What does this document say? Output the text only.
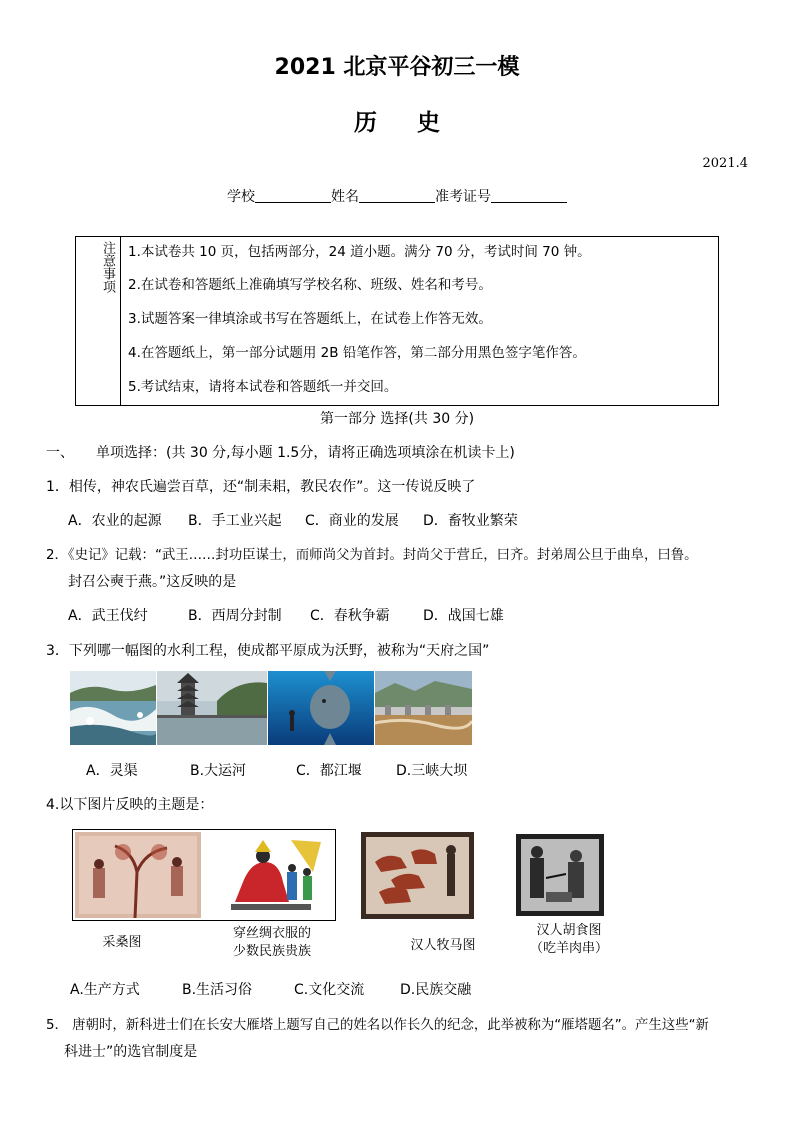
2021 北京平谷初三一模
历史
2021.4
学校	姓名	准考证号
注意事项 1.本试卷共 10 页，包括两部分，24 道小题。满分 70 分，考试时间 70 钟。
2.在试卷和答题纸上准确填写学校名称、班级、姓名和考号。
3.试题答案一律填涂或书写在答题纸上，在试卷上作答无效。
4.在答题纸上，第一部分试题用 2B 铅笔作答，第二部分用黑色签字笔作答。
5.考试结束，请将本试卷和答题纸一并交回。
第一部分 选择(共 30 分)
一、 单项选择：(共 30 分,每小题 1.5分，请将正确选项填涂在机读卡上)
1．相传，神农氏遍尝百草，还“制耒耜，教民农作”。这一传说反映了
A．农业的起源 B．手工业兴起 C．商业的发展 D．畜牧业繁荣
2．《史记》记载：“武王……封功臣谋士，而师尚父为首封。封尚父于营丘，曰齐。封弟周公旦于曲阜，曰鲁。
封召公奭于燕。”这反映的是
A．武王伐纣	B．西周分封制 C．春秋争霸 D．战国七雄
3．下列哪一幅图的水利工程，使成都平原成为沃野，被称为“天府之国”
A．灵渠	B.大运河	C．都江堰 D.三峡大坝
4.以下图片反映的主题是：
采桑图
穿丝绸衣服的
少数民族贵族	汉人牧马图
汉人胡食图
（吃羊肉串）
A.生产方式	B.生活习俗	C.文化交流	D.民族交融
5． 唐朝时，新科进士们在长安大雁塔上题写自己的姓名以作长久的纪念，此举被称为“雁塔题名”。产生这些“新
科进士”的选官制度是
